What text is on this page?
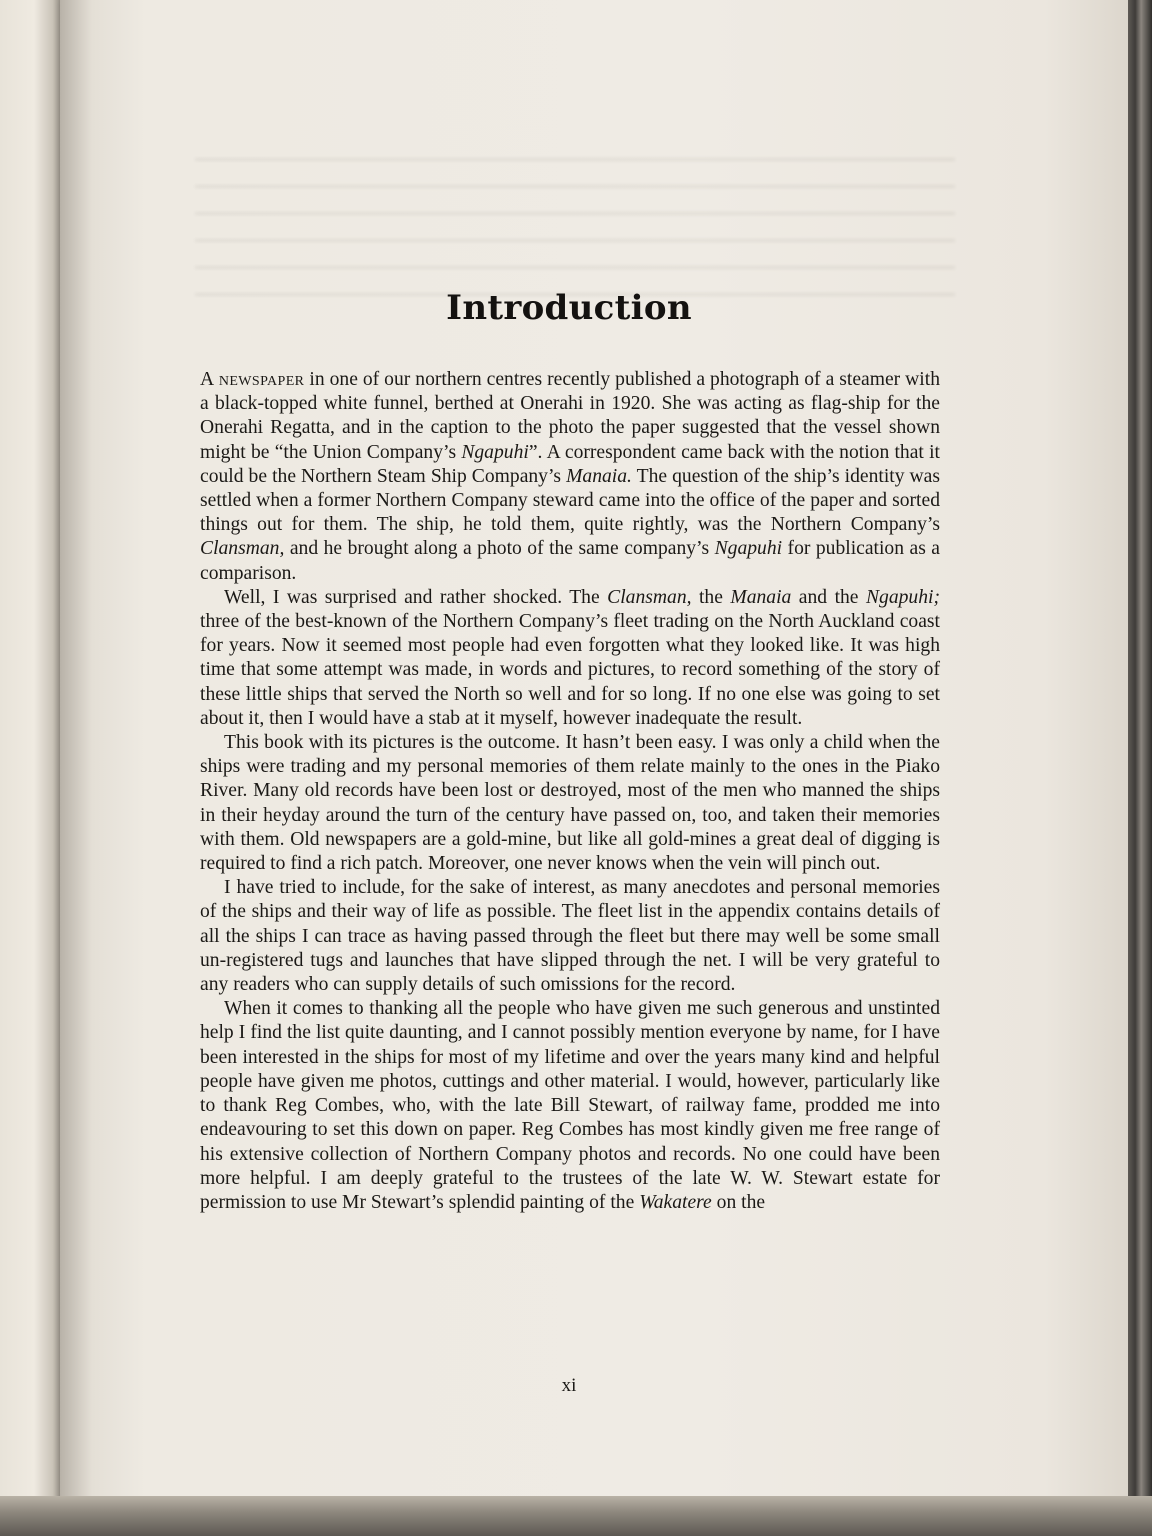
Introduction

A newspaper in one of our northern centres recently published a photograph of a steamer with a black-topped white funnel, berthed at Onerahi in 1920. She was acting as flag-ship for the Onerahi Regatta, and in the caption to the photo the paper suggested that the vessel shown might be “the Union Company’s Ngapuhi”. A correspondent came back with the notion that it could be the Northern Steam Ship Company’s Manaia. The question of the ship’s identity was settled when a former Northern Company steward came into the office of the paper and sorted things out for them. The ship, he told them, quite rightly, was the Northern Company’s Clansman, and he brought along a photo of the same company’s Ngapuhi for publication as a comparison.

Well, I was surprised and rather shocked. The Clansman, the Manaia and the Ngapuhi; three of the best-known of the Northern Company’s fleet trading on the North Auckland coast for years. Now it seemed most people had even forgotten what they looked like. It was high time that some attempt was made, in words and pictures, to record something of the story of these little ships that served the North so well and for so long. If no one else was going to set about it, then I would have a stab at it myself, however inadequate the result.

This book with its pictures is the outcome. It hasn’t been easy. I was only a child when the ships were trading and my personal memories of them relate mainly to the ones in the Piako River. Many old records have been lost or destroyed, most of the men who manned the ships in their heyday around the turn of the century have passed on, too, and taken their memories with them. Old newspapers are a gold-mine, but like all gold-mines a great deal of digging is required to find a rich patch. Moreover, one never knows when the vein will pinch out.

I have tried to include, for the sake of interest, as many anecdotes and personal memories of the ships and their way of life as possible. The fleet list in the appendix contains details of all the ships I can trace as having passed through the fleet but there may well be some small un-registered tugs and launches that have slipped through the net. I will be very grateful to any readers who can supply details of such omissions for the record.

When it comes to thanking all the people who have given me such generous and unstinted help I find the list quite daunting, and I cannot possibly mention everyone by name, for I have been interested in the ships for most of my lifetime and over the years many kind and helpful people have given me photos, cuttings and other material. I would, however, particularly like to thank Reg Combes, who, with the late Bill Stewart, of railway fame, prodded me into endeavouring to set this down on paper. Reg Combes has most kindly given me free range of his extensive collection of Northern Company photos and records. No one could have been more helpful. I am deeply grateful to the trustees of the late W. W. Stewart estate for permission to use Mr Stewart’s splendid painting of the Wakatere on the

xi
